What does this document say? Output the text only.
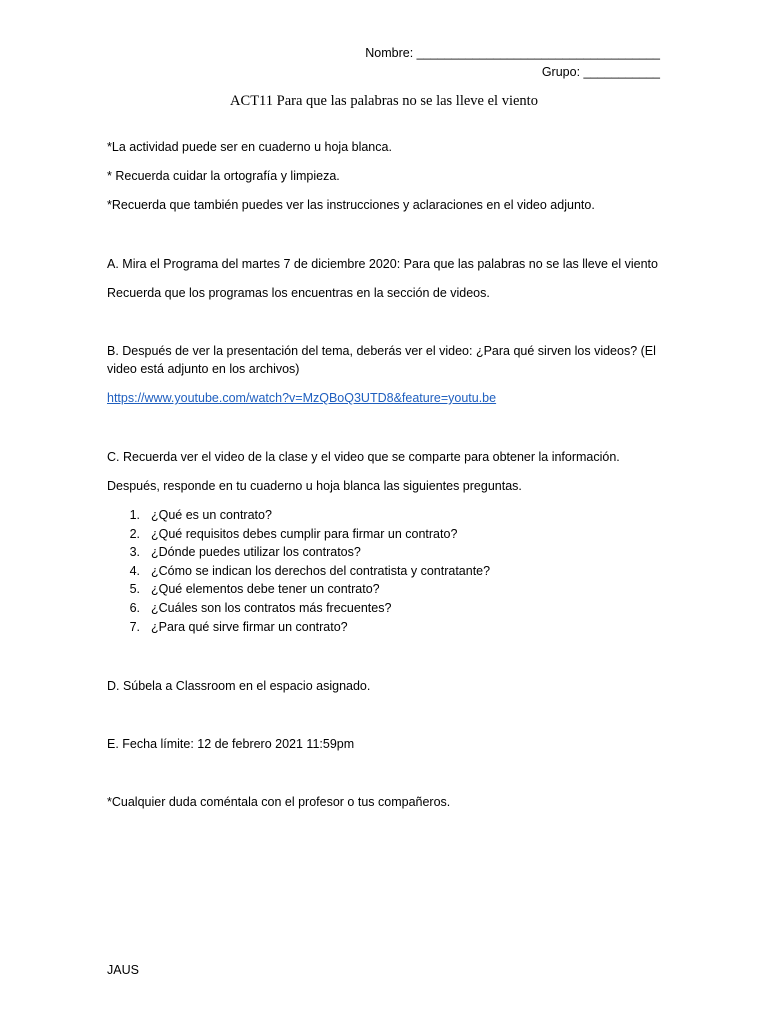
Nombre: ___________________________________
Grupo: ___________
ACT11 Para que las palabras no se las lleve el viento
*La actividad puede ser en cuaderno u hoja blanca.
* Recuerda cuidar la ortografía y limpieza.
*Recuerda que también puedes ver las instrucciones y aclaraciones en el video adjunto.
A. Mira el Programa del martes 7 de diciembre 2020: Para que las palabras no se las lleve el viento
Recuerda que los programas los encuentras en la sección de videos.
B. Después de ver la presentación del tema, deberás ver el video: ¿Para qué sirven los videos? (El
video está adjunto en los archivos)
https://www.youtube.com/watch?v=MzQBoQ3UTD8&feature=youtu.be
C. Recuerda ver el video de la clase y el video que se comparte para obtener la información.
Después, responde en tu cuaderno u hoja blanca las siguientes preguntas.
1. ¿Qué es un contrato?
2. ¿Qué requisitos debes cumplir para firmar un contrato?
3. ¿Dónde puedes utilizar los contratos?
4. ¿Cómo se indican los derechos del contratista y contratante?
5. ¿Qué elementos debe tener un contrato?
6. ¿Cuáles son los contratos más frecuentes?
7. ¿Para qué sirve firmar un contrato?
D. Súbela a Classroom en el espacio asignado.
E. Fecha límite: 12 de febrero 2021 11:59pm
*Cualquier duda coméntala con el profesor o tus compañeros.
JAUS
